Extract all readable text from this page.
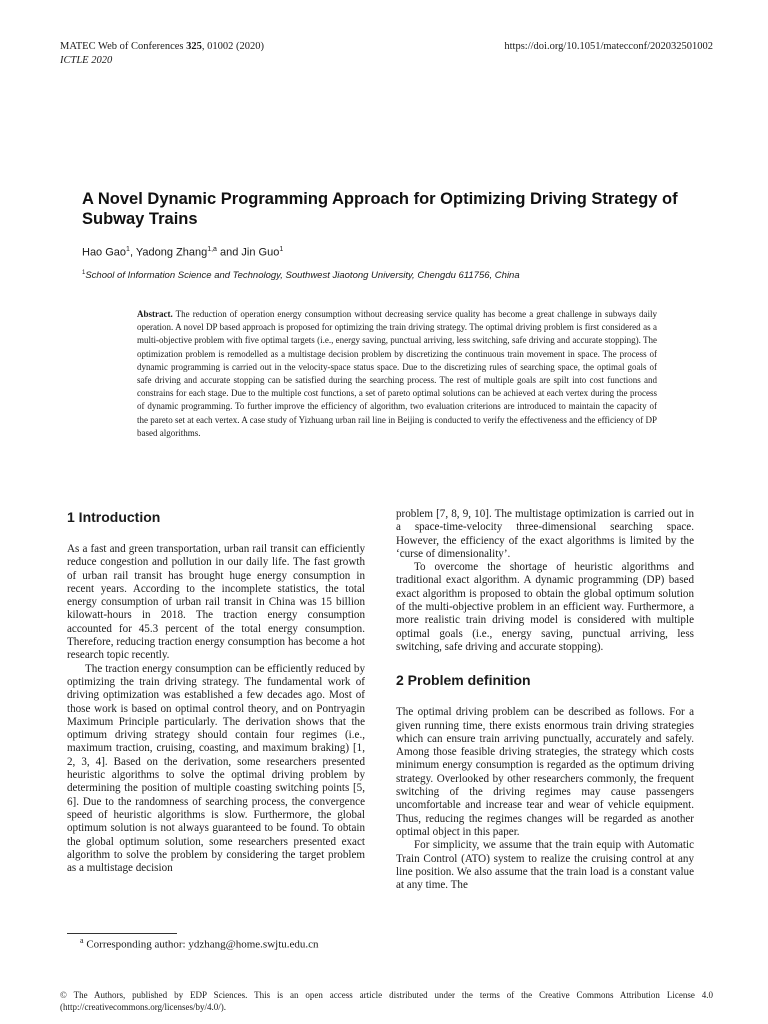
MATEC Web of Conferences 325, 01002 (2020)
ICTLE 2020
https://doi.org/10.1051/matecconf/202032501002
A Novel Dynamic Programming Approach for Optimizing Driving Strategy of Subway Trains
Hao Gao$^1$, Yadong Zhang$^{1,a}$ and Jin Guo$^1$
$^1$School of Information Science and Technology, Southwest Jiaotong University, Chengdu 611756, China
Abstract. The reduction of operation energy consumption without decreasing service quality has become a great challenge in subways daily operation. A novel DP based approach is proposed for optimizing the train driving strategy. The optimal driving problem is first considered as a multi-objective problem with five optimal targets (i.e., energy saving, punctual arriving, less switching, safe driving and accurate stopping). The optimization problem is remodelled as a multistage decision problem by discretizing the continuous train movement in space. The process of dynamic programming is carried out in the velocity-space status space. Due to the discretizing rules of searching space, the optimal goals of safe driving and accurate stopping can be satisfied during the searching process. The rest of multiple goals are spilt into cost functions and constrains for each stage. Due to the multiple cost functions, a set of pareto optimal solutions can be achieved at each vertex during the process of dynamic programming. To further improve the efficiency of algorithm, two evaluation criterions are introduced to maintain the capacity of the pareto set at each vertex. A case study of Yizhuang urban rail line in Beijing is conducted to verify the effectiveness and the efficiency of DP based algorithms.
1 Introduction

As a fast and green transportation, urban rail transit can efficiently reduce congestion and pollution in our daily life. The fast growth of urban rail transit has brought huge energy consumption in recent years. According to the incomplete statistics, the total energy consumption of urban rail transit in China was 15 billion kilowatt-hours in 2018. The traction energy consumption accounted for 45.3 percent of the total energy consumption. Therefore, reducing traction energy consumption has become a hot research topic recently.

The traction energy consumption can be efficiently reduced by optimizing the train driving strategy. The fundamental work of driving optimization was established a few decades ago. Most of those work is based on optimal control theory, and on Pontryagin Maximum Principle particularly. The derivation shows that the optimum driving strategy should contain four regimes (i.e., maximum traction, cruising, coasting, and maximum braking) [1, 2, 3, 4]. Based on the derivation, some researchers presented heuristic algorithms to solve the optimal driving problem by determining the position of multiple coasting switching points [5, 6]. Due to the randomness of searching process, the convergence speed of heuristic algorithms is slow. Furthermore, the global optimum solution is not always guaranteed to be found. To obtain the global optimum solution, some researchers presented exact algorithm to solve the problem by considering the target problem as a multistage decision

problem [7, 8, 9, 10]. The multistage optimization is carried out in a space-time-velocity three-dimensional searching space. However, the efficiency of the exact algorithms is limited by the ‘curse of dimensionality’.

To overcome the shortage of heuristic algorithms and traditional exact algorithm. A dynamic programming (DP) based exact algorithm is proposed to obtain the global optimum solution of the multi-objective problem in an efficient way. Furthermore, a more realistic train driving model is considered with multiple optimal goals (i.e., energy saving, punctual arriving, less switching, safe driving and accurate stopping).

2 Problem definition

The optimal driving problem can be described as follows. For a given running time, there exists enormous train driving strategies which can ensure train arriving punctually, accurately and safely. Among those feasible driving strategies, the strategy which costs minimum energy consumption is regarded as the optimum driving strategy. Overlooked by other researchers commonly, the frequent switching of the driving regimes may cause passengers uncomfortable and increase tear and wear of vehicle equipment. Thus, reducing the regimes changes will be regarded as another optimal object in this paper.

For simplicity, we assume that the train equip with Automatic Train Control (ATO) system to realize the cruising control at any line position. We also assume that the train load is a constant value at any time. The

$^a$ Corresponding author: ydzhang@home.swjtu.edu.cn
© The Authors, published by EDP Sciences. This is an open access article distributed under the terms of the Creative Commons Attribution License 4.0 (http://creativecommons.org/licenses/by/4.0/).
